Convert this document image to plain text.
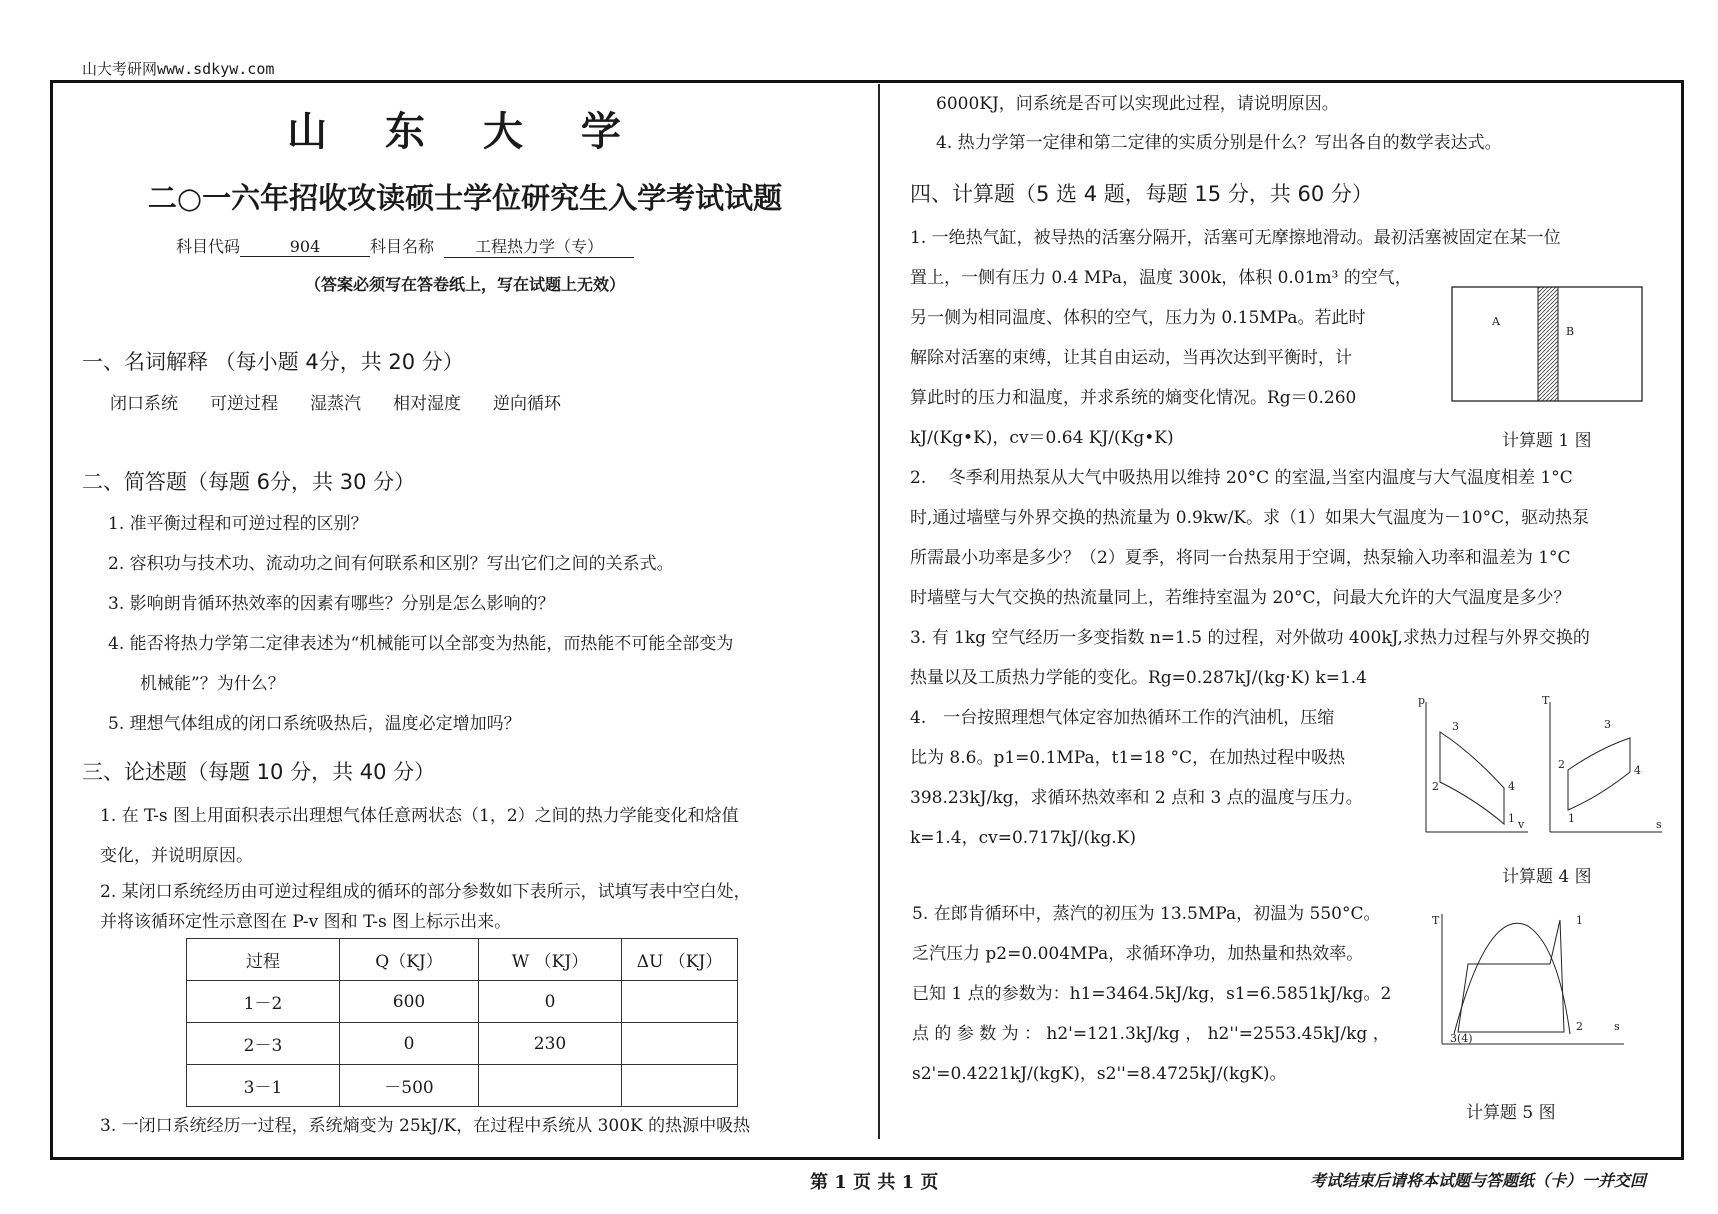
山大考研网www.sdkyw.com
山 东 大 学
二○一六年招收攻读硕士学位研究生入学考试试题
科目代码	904	科目名称	工程热力学（专）
（答案必须写在答卷纸上，写在试题上无效）
一、名词解释 （每小题 4分，共 20 分）
闭口系统 可逆过程 湿蒸汽 相对湿度 逆向循环
二、简答题（每题 6分，共 30 分）
1. 准平衡过程和可逆过程的区别？
2. 容积功与技术功、流动功之间有何联系和区别？写出它们之间的关系式。
3. 影响朗肯循环热效率的因素有哪些？分别是怎么影响的？
4. 能否将热力学第二定律表述为“机械能可以全部变为热能，而热能不可能全部变为
机械能”？为什么？
5. 理想气体组成的闭口系统吸热后，温度必定增加吗？
三、论述题（每题 10 分，共 40 分）
1. 在 T-s 图上用面积表示出理想气体任意两状态（1，2）之间的热力学能变化和焓值
变化，并说明原因。
2. 某闭口系统经历由可逆过程组成的循环的部分参数如下表所示，试填写表中空白处，
并将该循环定性示意图在 P-v 图和 T-s 图上标示出来。
过程	Q（KJ）	W （KJ）	ΔU （KJ）
1－2	600	0	
2－3	0	230	
3－1	－500		
3. 一闭口系统经历一过程，系统熵变为 25kJ/K，在过程中系统从 300K 的热源中吸热
6000KJ，问系统是否可以实现此过程，请说明原因。
4. 热力学第一定律和第二定律的实质分别是什么？写出各自的数学表达式。
四、计算题（5 选 4 题，每题 15 分，共 60 分）
1. 一绝热气缸，被导热的活塞分隔开，活塞可无摩擦地滑动。最初活塞被固定在某一位
置上，一侧有压力 0.4 MPa，温度 300k，体积 0.01m³ 的空气，
另一侧为相同温度、体积的空气，压力为 0.15MPa。若此时
解除对活塞的束缚，让其自由运动，当再次达到平衡时，计
算此时的压力和温度，并求系统的熵变化情况。Rg＝0.260
kJ/(Kg•K)，cv＝0.64 KJ/(Kg•K)
A
B
计算题 1 图
2.　 冬季利用热泵从大气中吸热用以维持 20°C 的室温,当室内温度与大气温度相差 1°C
时,通过墙壁与外界交换的热流量为 0.9kw/K。求（1）如果大气温度为－10°C，驱动热泵
所需最小功率是多少？（2）夏季，将同一台热泵用于空调，热泵输入功率和温差为 1°C
时墙壁与大气交换的热流量同上，若维持室温为 20°C，问最大允许的大气温度是多少？
3. 有 1kg 空气经历一多变指数 n=1.5 的过程，对外做功 400kJ,求热力过程与外界交换的
热量以及工质热力学能的变化。Rg=0.287kJ/(kg·K) k=1.4
4.　一台按照理想气体定容加热循环工作的汽油机，压缩
比为 8.6。p1=0.1MPa，t1=18 °C，在加热过程中吸热
398.23kJ/kg，求循环热效率和 2 点和 3 点的温度与压力。
k=1.4，cv=0.717kJ/(kg.K)
p
v
3
2	4
1
T
s
3
2	4
1
计算题 4 图
5. 在郎肯循环中，蒸汽的初压为 13.5MPa，初温为 550°C。
乏汽压力 p2=0.004MPa，求循环净功，加热量和热效率。
已知 1 点的参数为：h1=3464.5kJ/kg，s1=6.5851kJ/kg。2
点 的 参 数 为 ： h2'=121.3kJ/kg ， h2''=2553.45kJ/kg ，
s2'=0.4221kJ/(kgK)，s2''=8.4725kJ/(kgK)。
T
s
1
2
3(4)
计算题 5 图
第 1 页 共 1 页	考试结束后请将本试题与答题纸（卡）一并交回
